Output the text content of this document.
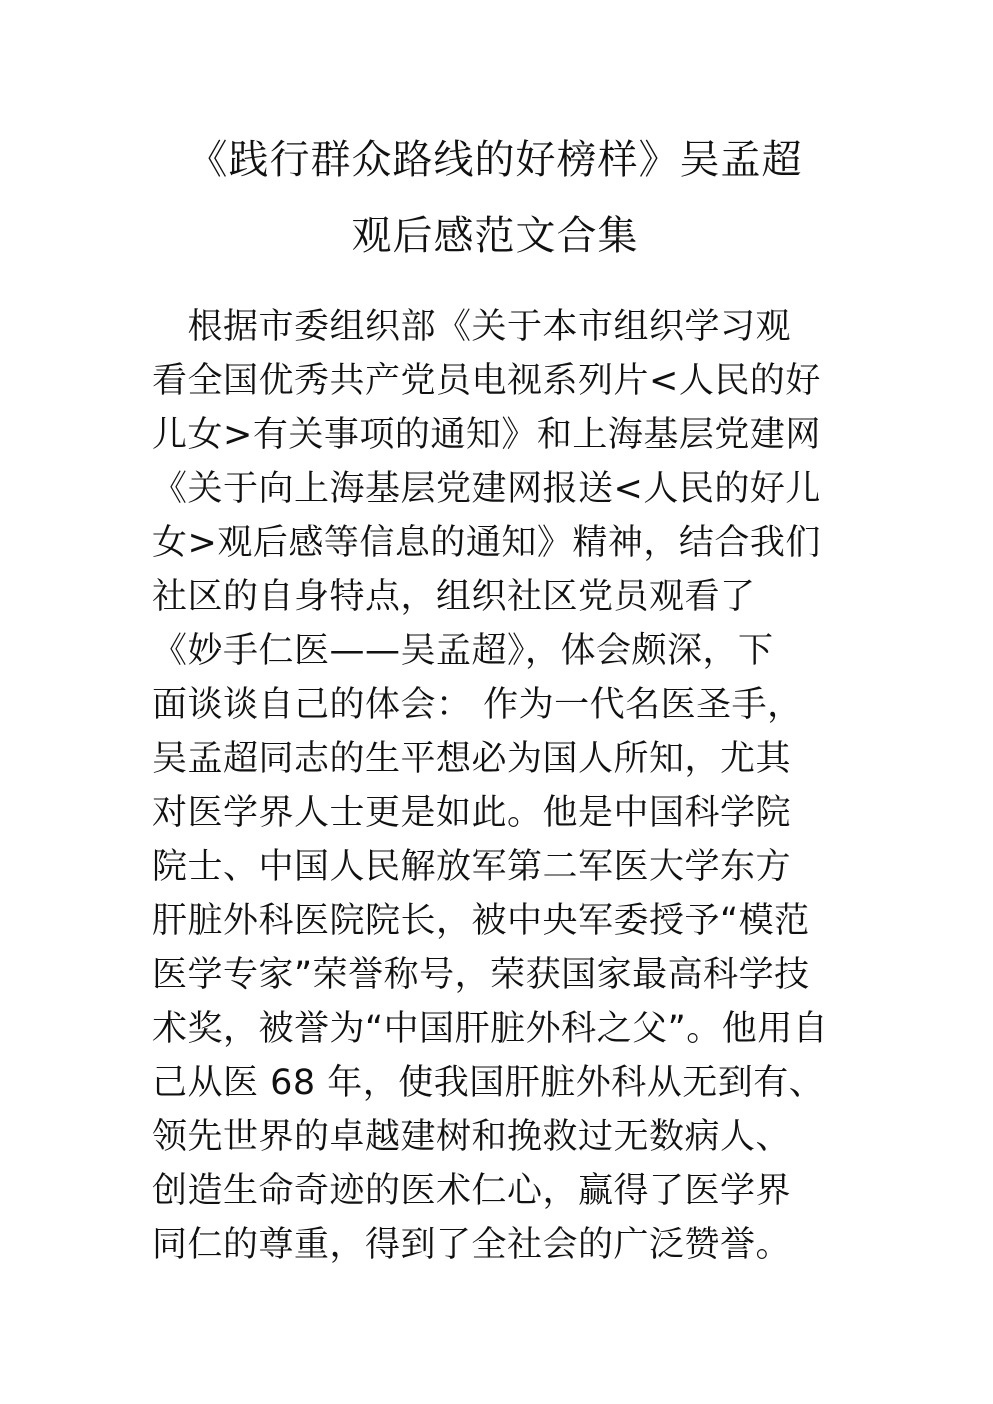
《践行群众路线的好榜样》吴孟超
观后感范文合集
　根据市委组织部《关于本市组织学习观
看全国优秀共产党员电视系列片<人民的好
儿女>有关事项的通知》和上海基层党建网
《关于向上海基层党建网报送<人民的好儿
女>观后感等信息的通知》精神，结合我们
社区的自身特点，组织社区党员观看了
《妙手仁医——吴孟超》，体会颇深，下
面谈谈自己的体会： 作为一代名医圣手，
吴孟超同志的生平想必为国人所知，尤其
对医学界人士更是如此。他是中国科学院
院士、中国人民解放军第二军医大学东方
肝脏外科医院院长，被中央军委授予“模范
医学专家”荣誉称号，荣获国家最高科学技
术奖，被誉为“中国肝脏外科之父”。他用自
己从医 68 年，使我国肝脏外科从无到有、
领先世界的卓越建树和挽救过无数病人、
创造生命奇迹的医术仁心，赢得了医学界
同仁的尊重，得到了全社会的广泛赞誉。
